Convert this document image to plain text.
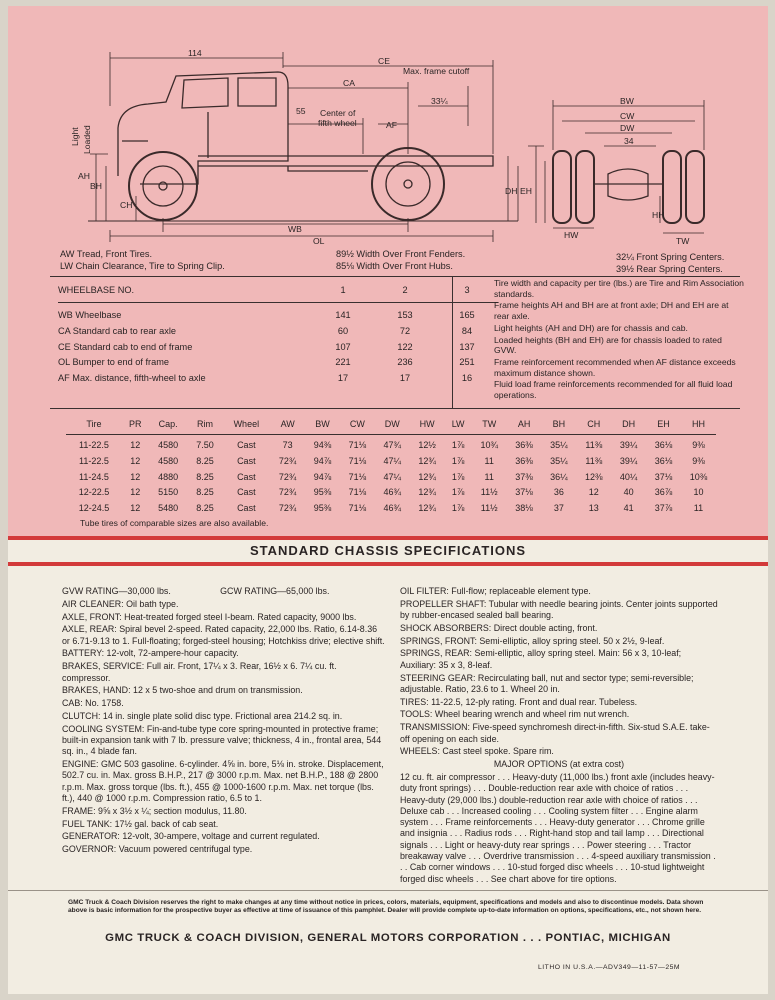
114
CE
Max. frame cutoff
CA
55 Center of
fifth wheel
33¼
AF
Light Loaded
AH
BH
CH
WB
OL
DH EH
BW
CW
DW
34
HW
HH
TW
AW Tread, Front Tires.
LW Chain Clearance, Tire to Spring Clip.
89½ Width Over Front Fenders.
85⅛ Width Over Front Hubs.
32¼ Front Spring Centers.
39½ Rear Spring Centers.
WHEELBASE NO.	1	2	3

WB Wheelbase	141	153	165
CA Standard cab to rear axle	60	72	84
CE Standard cab to end of frame	107	122	137
OL Bumper to end of frame	221	236	251
AF Max. distance, fifth-wheel to axle	17	17	16

Tire width and capacity per tire (lbs.) are Tire and Rim Association standards.

Frame heights AH and BH are at front axle; DH and EH are at rear axle.

Light heights (AH and DH) are for chassis and cab.

Loaded heights (BH and EH) are for chassis loaded to rated GVW.

Frame reinforcement recommended when AF distance exceeds maximum distance shown.

Fluid load frame reinforcements recommended for all fluid load operations.

Tire	PR	Cap.	Rim	Wheel	AW	BW	CW	DW	HW	LW	TW	AH	BH	CH	DH	EH	HH

11-22.5	12	4580	7.50	Cast	73	94⅜	71⅛	47¾	12½	1⅞	10¾	36⅜	35¼	11⅜	39¼	36⅛	9⅜
11-22.5	12	4580	8.25	Cast	72¾	94⅞	71⅛	47¼	12¾	1⅞	11	36⅜	35¼	11⅜	39¼	36⅛	9⅜
11-24.5	12	4880	8.25	Cast	72¾	94⅞	71⅛	47¼	12¾	1⅞	11	37⅜	36¼	12⅜	40¼	37⅛	10⅜
12-22.5	12	5150	8.25	Cast	72¾	95⅜	71⅛	46¾	12¾	1⅞	11½	37⅛	36	12	40	36⅞	10
12-24.5	12	5480	8.25	Cast	72¾	95⅜	71⅛	46¾	12¾	1⅞	11½	38⅛	37	13	41	37⅞	11
Tube tires of comparable sizes are also available.
STANDARD CHASSIS SPECIFICATIONS

GVW RATING—30,000 lbs.                    GCW RATING—65,000 lbs.

AIR CLEANER: Oil bath type.

AXLE, FRONT: Heat-treated forged steel I-beam. Rated capacity, 9000 lbs.

AXLE, REAR: Spiral bevel 2-speed. Rated capacity, 22,000 lbs. Ratio, 6.14-8.36 or 6.71-9.13 to 1. Full-floating; forged-steel housing; Hotchkiss drive; elective shift.

BATTERY: 12-volt, 72-ampere-hour capacity.

BRAKES, SERVICE: Full air. Front, 17¼ x 3. Rear, 16½ x 6. 7¼ cu. ft. compressor.

BRAKES, HAND: 12 x 5 two-shoe and drum on transmission.

CAB: No. 1758.

CLUTCH: 14 in. single plate solid disc type. Frictional area 214.2 sq. in.

COOLING SYSTEM: Fin-and-tube type core spring-mounted in protective frame; built-in expansion tank with 7 lb. pressure valve; thickness, 4 in., frontal area, 544 sq. in., 4 blade fan.

ENGINE: GMC 503 gasoline. 6-cylinder. 4⅝ in. bore, 5⅛ in. stroke. Displacement, 502.7 cu. in. Max. gross B.H.P., 217 @ 3000 r.p.m. Max. net B.H.P., 188 @ 2800 r.p.m. Max. gross torque (lbs. ft.), 455 @ 1000-1600 r.p.m. Max. net torque (lbs. ft.), 440 @ 1000 r.p.m. Compression ratio, 6.5 to 1.

FRAME: 9⅝ x 3½ x ¼; section modulus, 11.80.

FUEL TANK: 17½ gal. back of cab seat.

GENERATOR: 12-volt, 30-ampere, voltage and current regulated.

GOVERNOR: Vacuum powered centrifugal type.

OIL FILTER: Full-flow; replaceable element type.

PROPELLER SHAFT: Tubular with needle bearing joints. Center joints supported by rubber-encased sealed ball bearing.

SHOCK ABSORBERS: Direct double acting, front.

SPRINGS, FRONT: Semi-elliptic, alloy spring steel. 50 x 2½, 9-leaf.

SPRINGS, REAR: Semi-elliptic, alloy spring steel. Main: 56 x 3, 10-leaf; Auxiliary: 35 x 3, 8-leaf.

STEERING GEAR: Recirculating ball, nut and sector type; semi-reversible; adjustable. Ratio, 23.6 to 1. Wheel 20 in.

TIRES: 11-22.5, 12-ply rating. Front and dual rear. Tubeless.

TOOLS: Wheel bearing wrench and wheel rim nut wrench.

TRANSMISSION: Five-speed synchromesh direct-in-fifth. Six-stud S.A.E. take-off opening on each side.

WHEELS: Cast steel spoke. Spare rim.

MAJOR OPTIONS (at extra cost)

12 cu. ft. air compressor . . . Heavy-duty (11,000 lbs.) front axle (includes heavy-duty front springs) . . . Double-reduction rear axle with choice of ratios . . . Heavy-duty (29,000 lbs.) double-reduction rear axle with choice of ratios . . . Deluxe cab . . . Increased cooling . . . Cooling system filter . . . Engine alarm system . . . Frame reinforcements . . . Heavy-duty generator . . . Chrome grille and insignia . . . Radius rods . . . Right-hand stop and tail lamp . . . Directional signals . . . Light or heavy-duty rear springs . . . Power steering . . . Tractor breakaway valve . . . Overdrive transmission . . . 4-speed auxiliary transmission . . . Cab corner windows . . . 10-stud forged disc wheels . . . 10-stud lightweight forged disc wheels . . . See chart above for tire options.

GMC Truck & Coach Division reserves the right to make changes at any time without notice in prices, colors, materials, equipment, specifications and models and also to discontinue models. Data shown above is basic information for the prospective buyer as effective at time of issuance of this pamphlet. Dealer will provide complete up-to-date information on options, specifications, etc., not shown here.
GMC TRUCK & COACH DIVISION, GENERAL MOTORS CORPORATION . . . PONTIAC, MICHIGAN
LITHO IN U.S.A.—ADV349—11-57—25M
